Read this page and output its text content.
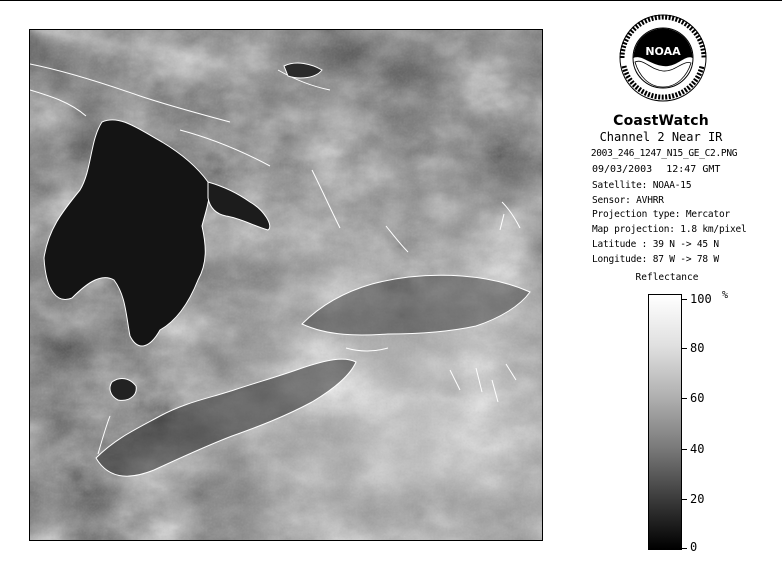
NOAA
CoastWatch
Channel 2 Near IR
2003_246_1247_N15_GE_C2.PNG
09/03/2003 12:47 GMT
Satellite: NOAA-15
Sensor: AVHRR
Projection type: Mercator
Map projection: 1.8 km/pixel
Latitude : 39 N -> 45 N
Longitude: 87 W -> 78 W
Reflectance
%
100
80
60
40
20
0
